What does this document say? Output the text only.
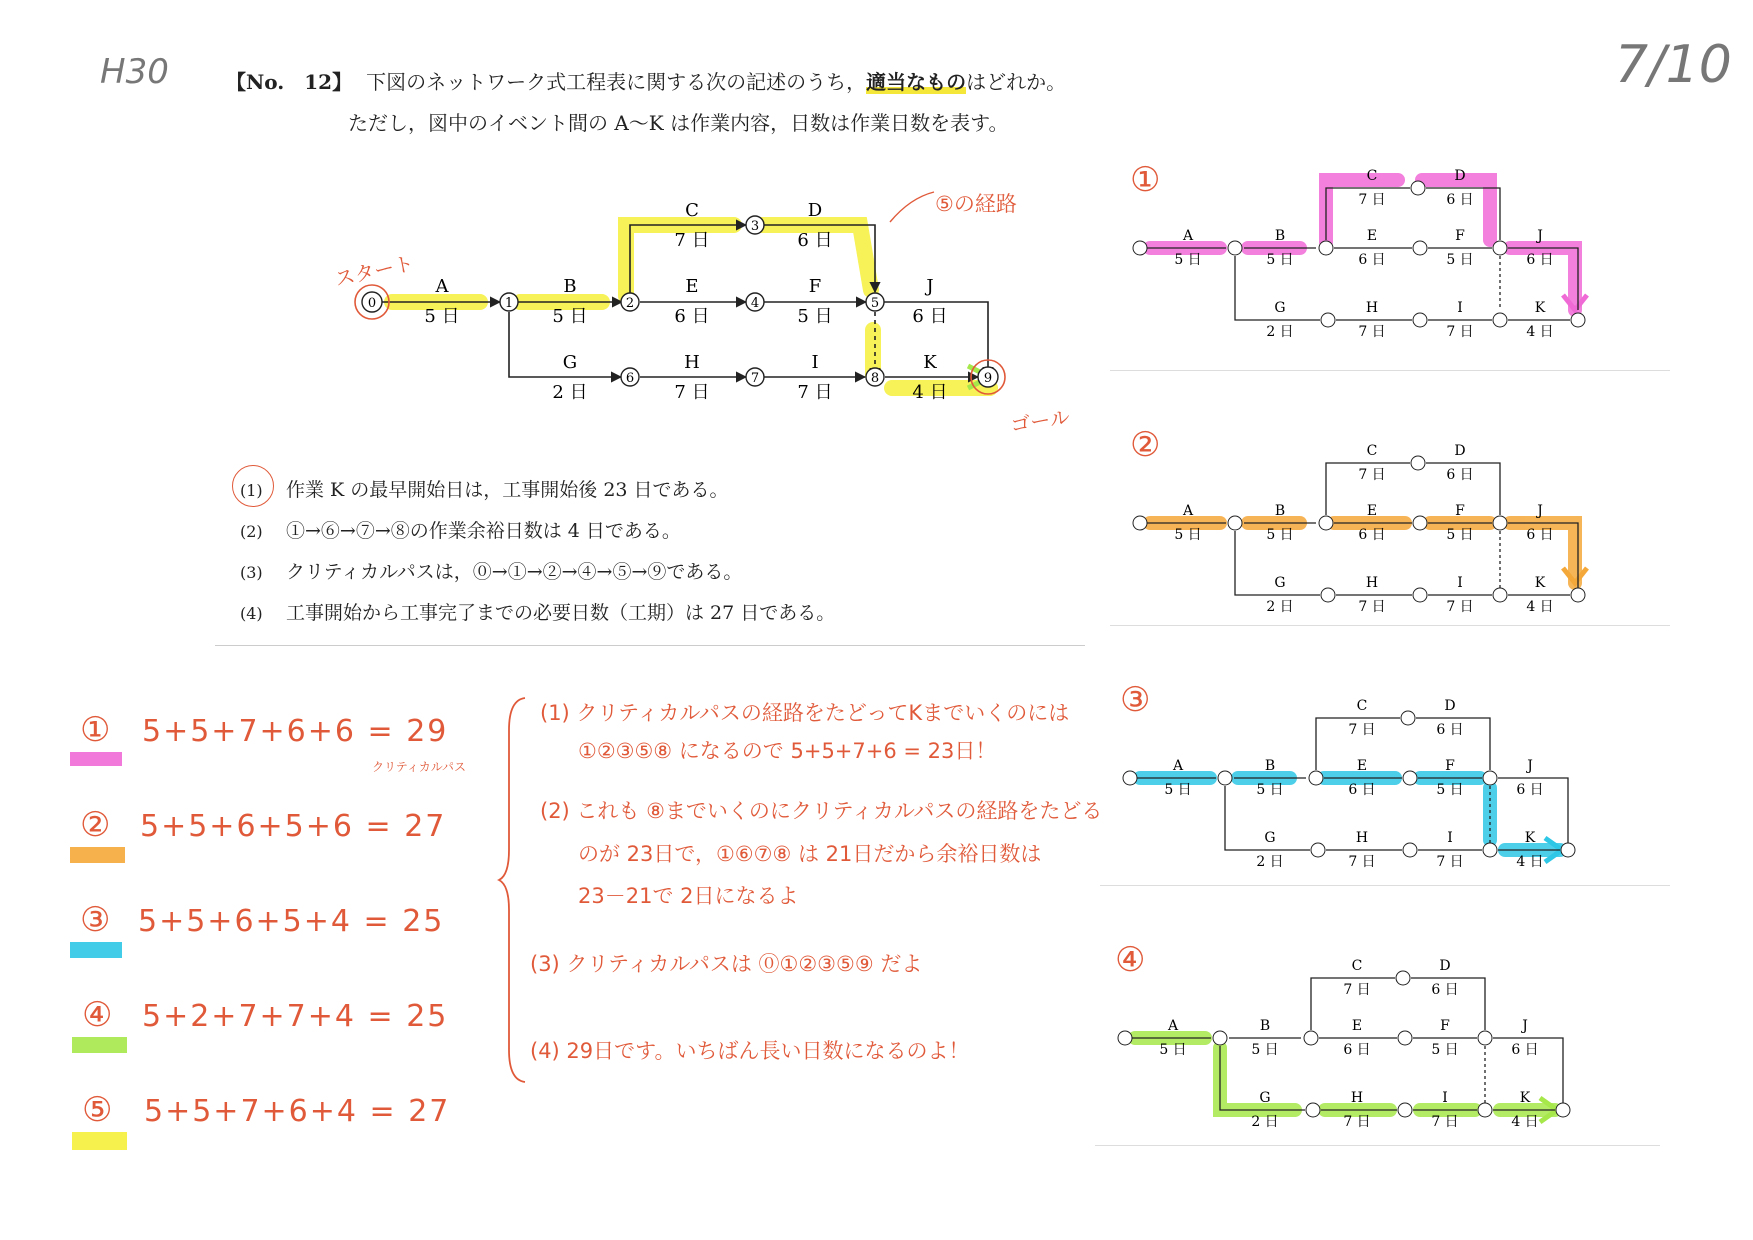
H30	7/10
【No.　12】 下図のネットワーク式工程表に関する次の記述のうち，適当なものはどれか。
ただし，図中のイベント間の A～K は作業内容，日数は作業日数を表す。
0	1	2
3
4	5
6	7	8	9
A
5 日
B
5 日
C
7 日
D
6 日
E
6 日
F
5 日
J
6 日
G
2 日
H
7 日
I
7 日
K
4 日
スタート
ゴール
⑤の経路
(1) 作業 K の最早開始日は，工事開始後 23 日である。
(2) ①→⑥→⑦→⑧の作業余裕日数は 4 日である。
(3) クリティカルパスは，⓪→①→②→④→⑤→⑨である。
(4) 工事開始から工事完了までの必要日数（工期）は 27 日である。
① 5+5+7+6+6 = 29
クリティカルパス
② 5+5+6+5+6 = 27
③ 5+5+6+5+4 = 25
④ 5+2+7+7+4 = 25
⑤ 5+5+7+6+4 = 27
(1) クリティカルパスの経路をたどってKまでいくのには
①②③⑤⑧ になるので 5+5+7+6 = 23日！
(2) これも ⑧までいくのにクリティカルパスの経路をたどる
のが 23日で，①⑥⑦⑧ は 21日だから余裕日数は
23－21で 2日になるよ
(3) クリティカルパスは ⓪①②③⑤⑨ だよ
(4) 29日です。いちばん長い日数になるのよ！
①
A
5 日
B
5 日
C
7 日
D
6 日
E
6 日
F
5 日
J
6 日
G
2 日
H
7 日
I
7 日
K
4 日
②
A
5 日
B
5 日
C
7 日
D
6 日
E
6 日
F
5 日
J
6 日
G
2 日
H
7 日
I
7 日
K
4 日
③
A
5 日
B
5 日
C
7 日
D
6 日
E
6 日
F
5 日
J
6 日
G
2 日
H
7 日
I
7 日
K
4 日
④
A
5 日
B
5 日
C
7 日
D
6 日
E
6 日
F
5 日
J
6 日
G
2 日
H
7 日
I
7 日
K
4 日
